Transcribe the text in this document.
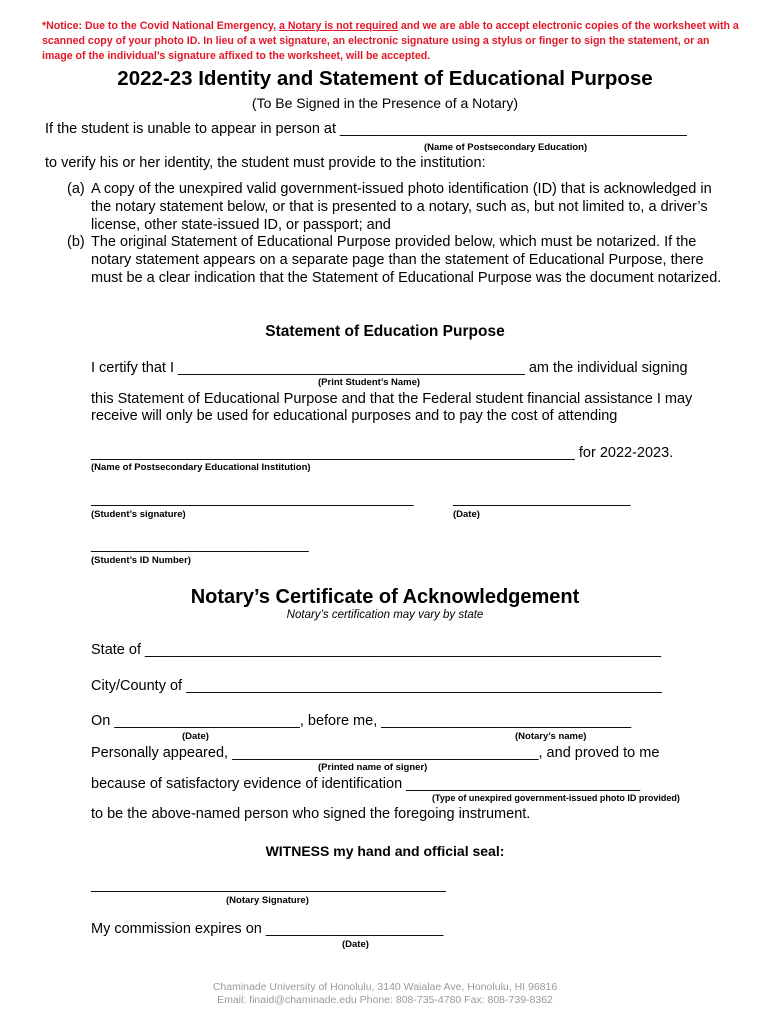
*Notice: Due to the Covid National Emergency, a Notary is not required and we are able to accept electronic copies of the worksheet with a scanned copy of your photo ID. In lieu of a wet signature, an electronic signature using a stylus or finger to sign the statement, or an image of the individual’s signature affixed to the worksheet, will be accepted.
2022-23 Identity and Statement of Educational Purpose
(To Be Signed in the Presence of a Notary)
If the student is unable to appear in person at ___________________________________________
(Name of Postsecondary Education)
to verify his or her identity, the student must provide to the institution:
(a) A copy of the unexpired valid government-issued photo identification (ID) that is acknowledged in the notary statement below, or that is presented to a notary, such as, but not limited to, a driver’s license, other state-issued ID, or passport; and
(b) The original Statement of Educational Purpose provided below, which must be notarized. If the notary statement appears on a separate page than the statement of Educational Purpose, there must be a clear indication that the Statement of Educational Purpose was the document notarized.
Statement of Education Purpose
I certify that I ___________________________________________ am the individual signing
(Print Student’s Name)
this Statement of Educational Purpose and that the Federal student financial assistance I may
receive will only be used for educational purposes and to pay the cost of attending
____________________________________________________________ for 2022-2023.
(Name of Postsecondary Educational Institution)
________________________________________
(Student’s signature)
______________________
(Date)
___________________________
(Student’s ID Number)
Notary’s Certificate of Acknowledgement
Notary’s certification may vary by state
State of ________________________________________________________________
City/County of ___________________________________________________________
On _______________________, before me, _______________________________
(Date)	(Notary’s name)
Personally appeared, ______________________________________, and proved to me
(Printed name of signer)
because of satisfactory evidence of identification _____________________________
(Type of unexpired government-issued photo ID provided)
to be the above-named person who signed the foregoing instrument.
WITNESS my hand and official seal:
____________________________________________
(Notary Signature)
My commission expires on ______________________
(Date)
Chaminade University of Honolulu, 3140 Waialae Ave, Honolulu, HI 96816
Email: finaid@chaminade.edu Phone: 808-735-4780 Fax: 808-739-8362
